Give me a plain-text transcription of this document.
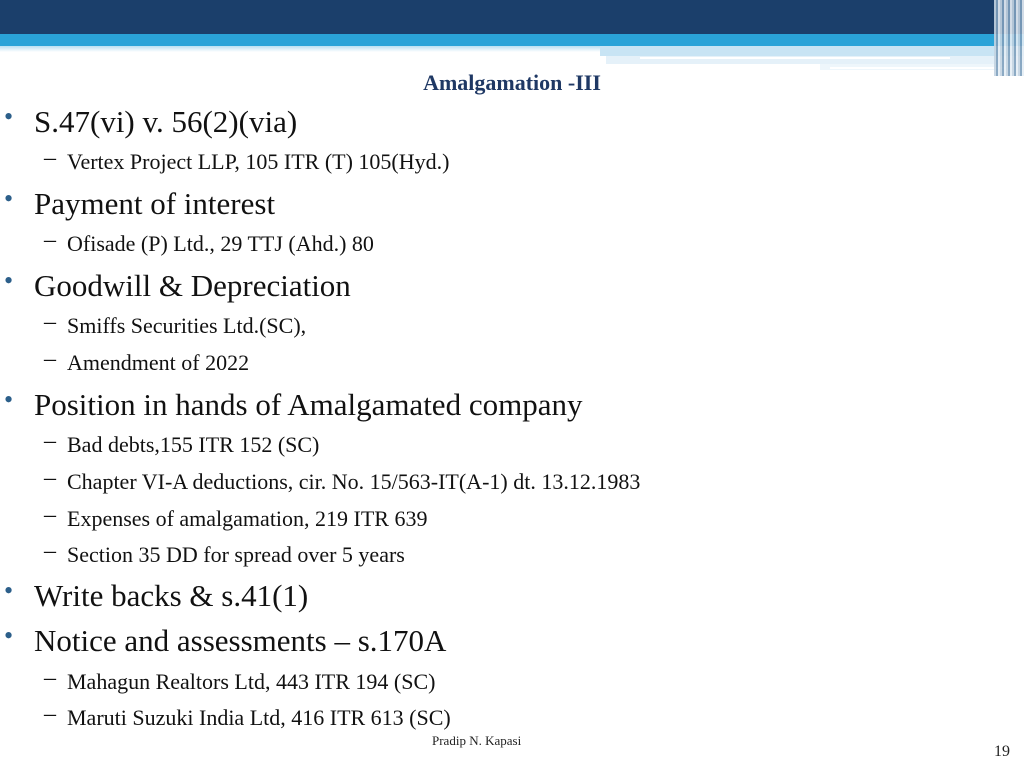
Amalgamation -III
• S.47(vi) v. 56(2)(via)
– Vertex Project LLP, 105 ITR (T) 105(Hyd.)
• Payment of interest
– Ofisade (P) Ltd., 29 TTJ (Ahd.) 80
• Goodwill & Depreciation
– Smiffs Securities Ltd.(SC),
– Amendment of 2022
• Position in hands of Amalgamated company
– Bad debts,155 ITR 152 (SC)
– Chapter VI-A deductions, cir. No. 15/563-IT(A-1) dt. 13.12.1983
– Expenses of amalgamation, 219 ITR 639
– Section 35 DD for spread over 5 years
• Write backs & s.41(1)
• Notice and assessments – s.170A
– Mahagun Realtors Ltd, 443 ITR 194 (SC)
– Maruti Suzuki India Ltd, 416 ITR 613 (SC)
Pradip N. Kapasi
19
